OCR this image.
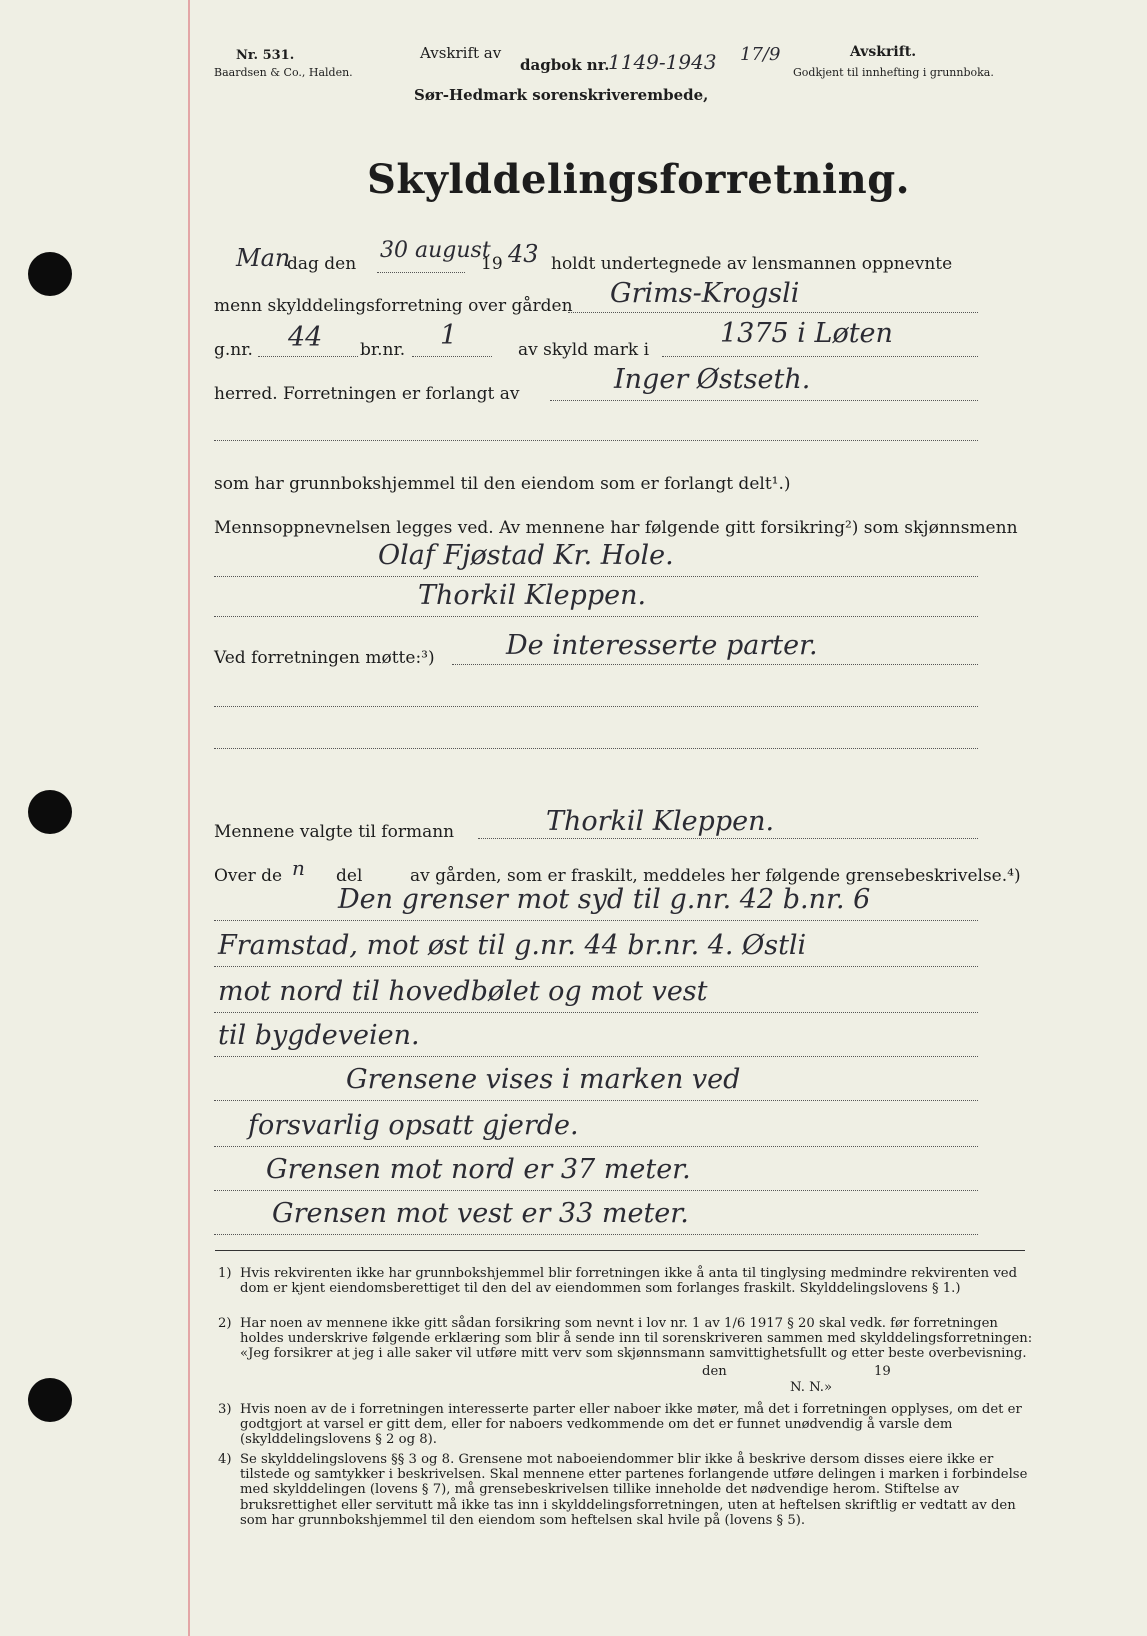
Nr. 531.
Baardsen & Co., Halden.
Avskrift av
dagbok nr.
1149-1943 17/9
Sør-Hedmark sorenskriverembede,
Avskrift.
Godkjent til innhefting i grunnboka.
Skylddelingsforretning.
Man
dag den
30 august
19 43 holdt undertegnede av lensmannen oppnevnte
menn skylddelingsforretning over gården Grims-Krogsli
g.nr. 44 br.nr. 1	av skyld mark i
1375 i Løten
herred. Forretningen er forlangt av	Inger Østseth.
som har grunnbokshjemmel til den eiendom som er forlangt delt¹.)
Mennsoppnevnelsen legges ved. Av mennene har følgende gitt forsikring²) som skjønnsmenn
Olaf Fjøstad Kr. Hole.
Thorkil Kleppen.
Ved forretningen møtte:³)	De interesserte parter.
Mennene valgte til formann	Thorkil Kleppen.
Over de n del	av gården, som er fraskilt, meddeles her følgende grensebeskrivelse.⁴)
Den grenser mot syd til g.nr. 42 b.nr. 6
Framstad, mot øst til g.nr. 44 br.nr. 4. Østli
mot nord til hovedbølet og mot vest
til bygdeveien.
Grensene vises i marken ved
forsvarlig opsatt gjerde.
Grensen mot nord er 37 meter.
Grensen mot vest er 33 meter.
1) Hvis rekvirenten ikke har grunnbokshjemmel blir forretningen ikke å anta til tinglysing medmindre rekvirenten ved dom er kjent eiendomsberettiget til den del av eiendommen som forlanges fraskilt. Skylddelingslovens § 1.)
2) Har noen av mennene ikke gitt sådan forsikring som nevnt i lov nr. 1 av 1/6 1917 § 20 skal vedk. før forretningen holdes underskrive følgende erklæring som blir å sende inn til sorenskriveren sammen med skylddelingsforretningen: «Jeg forsikrer at jeg i alle saker vil utføre mitt verv som skjønnsmann samvittighetsfullt og etter beste overbevisning.
den	19
N. N.»
3) Hvis noen av de i forretningen interesserte parter eller naboer ikke møter, må det i forretningen opplyses, om det er godtgjort at varsel er gitt dem, eller for naboers vedkommende om det er funnet unødvendig å varsle dem (skylddelingslovens § 2 og 8).
4) Se skylddelingslovens §§ 3 og 8. Grensene mot naboeiendommer blir ikke å beskrive dersom disses eiere ikke er tilstede og samtykker i beskrivelsen. Skal mennene etter partenes forlangende utføre delingen i marken i forbindelse med skylddelingen (lovens § 7), må grensebeskrivelsen tillike inneholde det nødvendige herom. Stiftelse av bruksrettighet eller servitutt må ikke tas inn i skylddelingsforretningen, uten at heftelsen skriftlig er vedtatt av den som har grunnbokshjemmel til den eiendom som heftelsen skal hvile på (lovens § 5).
